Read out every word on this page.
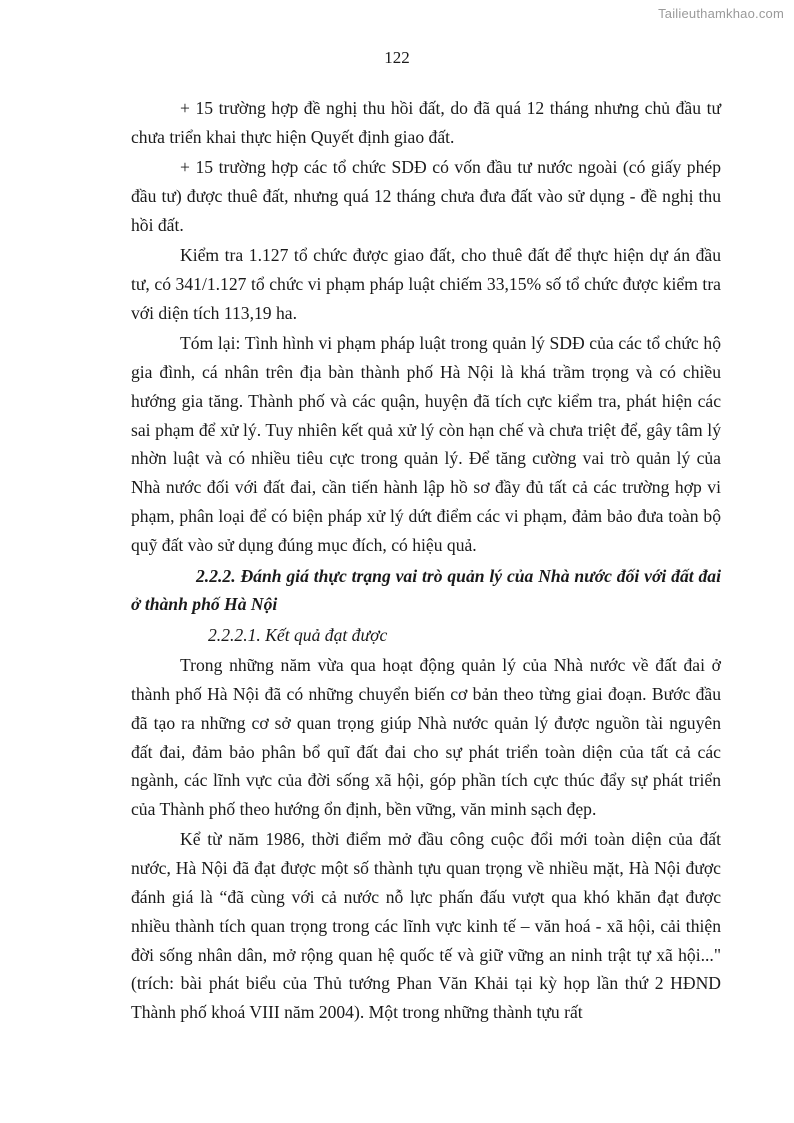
Tailieuthamkhao.com
122

+ 15 trường hợp đề nghị thu hồi đất, do đã quá 12 tháng nhưng chủ đầu tư chưa triển khai thực hiện Quyết định giao đất.

+ 15 trường hợp các tổ chức SDĐ có vốn đầu tư nước ngoài (có giấy phép đầu tư) được thuê đất, nhưng quá 12 tháng chưa đưa đất vào sử dụng - đề nghị thu hồi đất.

Kiểm tra 1.127 tổ chức được giao đất, cho thuê đất để thực hiện dự án đầu tư, có 341/1.127 tổ chức vi phạm pháp luật chiếm 33,15% số tổ chức được kiểm tra với diện tích 113,19 ha.

Tóm lại: Tình hình vi phạm pháp luật trong quản lý SDĐ của các tổ chức hộ gia đình, cá nhân trên địa bàn thành phố Hà Nội là khá trầm trọng và có chiều hướng gia tăng. Thành phố và các quận, huyện đã tích cực kiểm tra, phát hiện các sai phạm để xử lý. Tuy nhiên kết quả xử lý còn hạn chế và chưa triệt để, gây tâm lý nhờn luật và có nhiều tiêu cực trong quản lý. Để tăng cường vai trò quản lý của Nhà nước đối với đất đai, cần tiến hành lập hồ sơ đầy đủ tất cả các trường hợp vi phạm, phân loại để có biện pháp xử lý dứt điểm các vi phạm, đảm bảo đưa toàn bộ quỹ đất vào sử dụng đúng mục đích, có hiệu quả.

2.2.2. Đánh giá thực trạng vai trò quản lý của Nhà nước đối với đất đai ở thành phố Hà Nội

2.2.2.1. Kết quả đạt được

Trong những năm vừa qua hoạt động quản lý của Nhà nước về đất đai ở thành phố Hà Nội đã có những chuyển biến cơ bản theo từng giai đoạn. Bước đầu đã tạo ra những cơ sở quan trọng giúp Nhà nước quản lý được nguồn tài nguyên đất đai, đảm bảo phân bổ quĩ đất đai cho sự phát triển toàn diện của tất cả các ngành, các lĩnh vực của đời sống xã hội, góp phần tích cực thúc đẩy sự phát triển của Thành phố theo hướng ổn định, bền vững, văn minh sạch đẹp.

Kể từ năm 1986, thời điểm mở đầu công cuộc đổi mới toàn diện của đất nước, Hà Nội đã đạt được một số thành tựu quan trọng về nhiều mặt, Hà Nội được đánh giá là “đã cùng với cả nước nỗ lực phấn đấu vượt qua khó khăn đạt được nhiều thành tích quan trọng trong các lĩnh vực kinh tế – văn hoá - xã hội, cải thiện đời sống nhân dân, mở rộng quan hệ quốc tế và giữ vững an ninh trật tự xã hội..." (trích: bài phát biểu của Thủ tướng Phan Văn Khải tại kỳ họp lần thứ 2 HĐND Thành phố khoá VIII năm 2004). Một trong những thành tựu rất
